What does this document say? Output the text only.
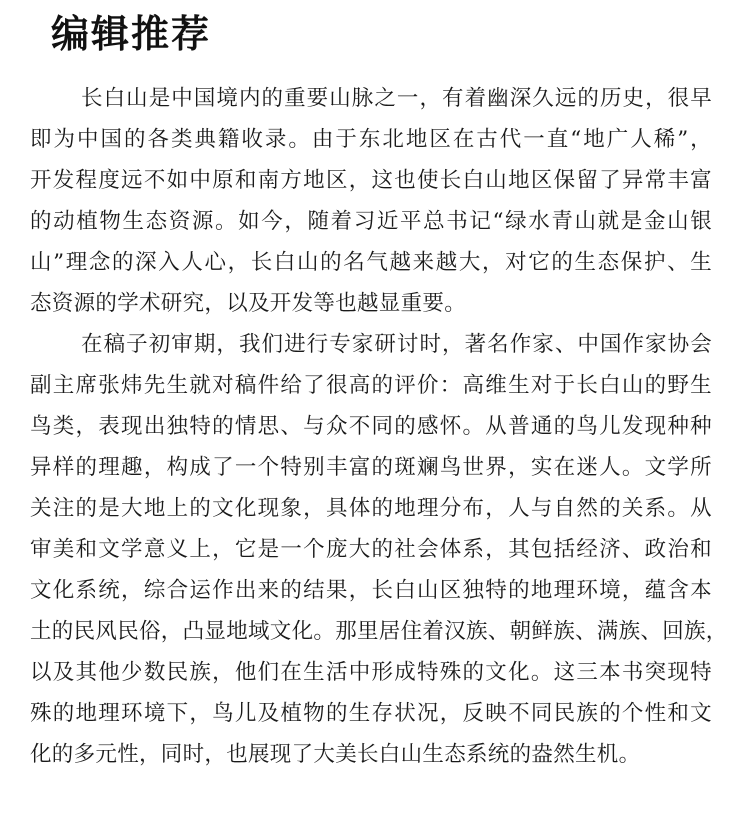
编辑推荐
长白山是中国境内的重要山脉之一，有着幽深久远的历史，很早
即为中国的各类典籍收录。由于东北地区在古代一直“地广人稀”，
开发程度远不如中原和南方地区，这也使长白山地区保留了异常丰富
的动植物生态资源。如今，随着习近平总书记“绿水青山就是金山银
山”理念的深入人心，长白山的名气越来越大，对它的生态保护、生
态资源的学术研究，以及开发等也越显重要。
在稿子初审期，我们进行专家研讨时，著名作家、中国作家协会
副主席张炜先生就对稿件给了很高的评价：高维生对于长白山的野生
鸟类，表现出独特的情思、与众不同的感怀。从普通的鸟儿发现种种
异样的理趣，构成了一个特别丰富的斑斓鸟世界，实在迷人。文学所
关注的是大地上的文化现象，具体的地理分布，人与自然的关系。从
审美和文学意义上，它是一个庞大的社会体系，其包括经济、政治和
文化系统，综合运作出来的结果，长白山区独特的地理环境，蕴含本
土的民风民俗，凸显地域文化。那里居住着汉族、朝鲜族、满族、回族，
以及其他少数民族，他们在生活中形成特殊的文化。这三本书突现特
殊的地理环境下，鸟儿及植物的生存状况，反映不同民族的个性和文
化的多元性，同时，也展现了大美长白山生态系统的盎然生机。
